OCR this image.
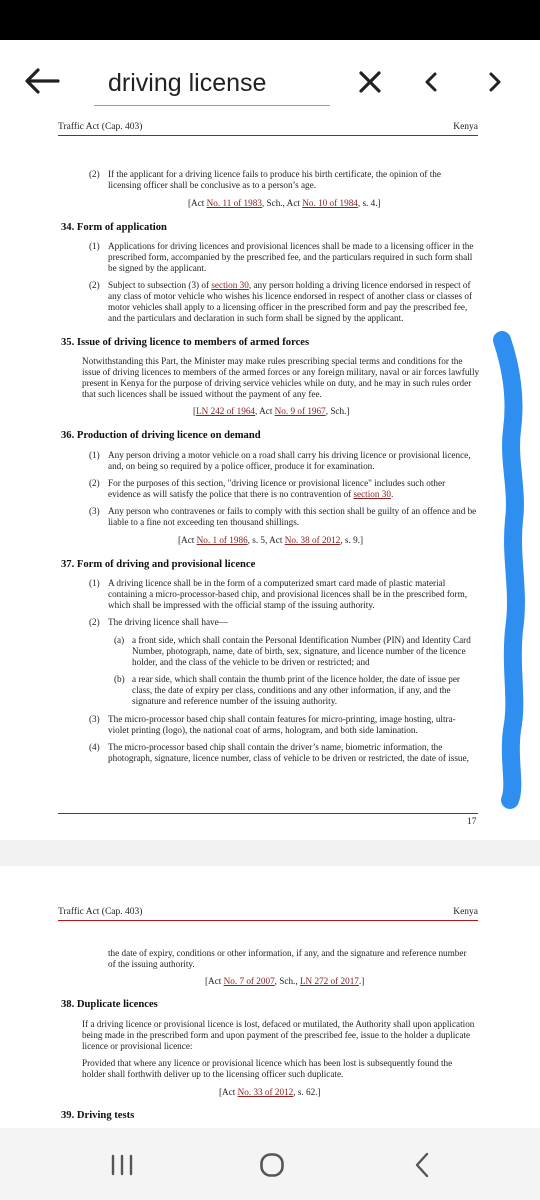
driving license
Traffic Act (Cap. 403)	Kenya
(2) If the applicant for a driving licence fails to produce his birth certificate, the opinion of the
licensing officer shall be conclusive as to a person’s age.
[Act No. 11 of 1983, Sch., Act No. 10 of 1984, s. 4.]
34. Form of application
(1) Applications for driving licences and provisional licences shall be made to a licensing officer in the
prescribed form, accompanied by the prescribed fee, and the particulars required in such form shall
be signed by the applicant.
(2) Subject to subsection (3) of section 30, any person holding a driving licence endorsed in respect of
any class of motor vehicle who wishes his licence endorsed in respect of another class or classes of
motor vehicles shall apply to a licensing officer in the prescribed form and pay the prescribed fee,
and the particulars and declaration in such form shall be signed by the applicant.
35. Issue of driving licence to members of armed forces
Notwithstanding this Part, the Minister may make rules prescribing special terms and conditions for the
issue of driving licences to members of the armed forces or any foreign military, naval or air forces lawfully
present in Kenya for the purpose of driving service vehicles while on duty, and he may in such rules order
that such licences shall be issued without the payment of any fee.
[LN 242 of 1964, Act No. 9 of 1967, Sch.]
36. Production of driving licence on demand
(1) Any person driving a motor vehicle on a road shall carry his driving licence or provisional licence,
and, on being so required by a police officer, produce it for examination.
(2) For the purposes of this section, "driving licence or provisional licence" includes such other
evidence as will satisfy the police that there is no contravention of section 30.
(3) Any person who contravenes or fails to comply with this section shall be guilty of an offence and be
liable to a fine not exceeding ten thousand shillings.
[Act No. 1 of 1986, s. 5, Act No. 38 of 2012, s. 9.]
37. Form of driving and provisional licence
(1) A driving licence shall be in the form of a computerized smart card made of plastic material
containing a micro-processor-based chip, and provisional licences shall be in the prescribed form,
which shall be impressed with the official stamp of the issuing authority.
(2) The driving licence shall have—
(a) a front side, which shall contain the Personal Identification Number (PIN) and Identity Card
Number, photograph, name, date of birth, sex, signature, and licence number of the licence
holder, and the class of the vehicle to be driven or restricted; and
(b) a rear side, which shall contain the thumb print of the licence holder, the date of issue per
class, the date of expiry per class, conditions and any other information, if any, and the
signature and reference number of the issuing authority.
(3) The micro-processor based chip shall contain features for micro-printing, image hosting, ultra-
violet printing (logo), the national coat of arms, hologram, and both side lamination.
(4) The micro-processor based chip shall contain the driver’s name, biometric information, the
photograph, signature, licence number, class of vehicle to be driven or restricted, the date of issue,
17
Traffic Act (Cap. 403)	Kenya
the date of expiry, conditions or other information, if any, and the signature and reference number
of the issuing authority.
[Act No. 7 of 2007, Sch., LN 272 of 2017.]
38. Duplicate licences
If a driving licence or provisional licence is lost, defaced or mutilated, the Authority shall upon application
being made in the prescribed form and upon payment of the prescribed fee, issue to the holder a duplicate
licence or provisional licence:
Provided that where any licence or provisional licence which has been lost is subsequently found the
holder shall forthwith deliver up to the licensing officer such duplicate.
[Act No. 33 of 2012, s. 62.]
39. Driving tests
